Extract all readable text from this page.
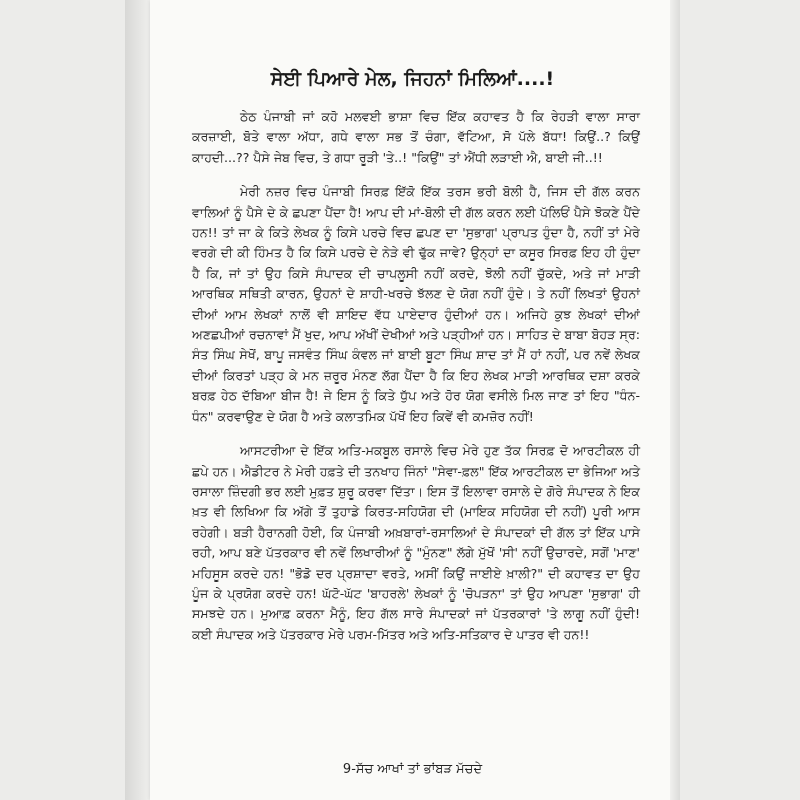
ਸੇਈ ਪਿਆਰੇ ਮੇਲ, ਜਿਹਨਾਂ ਮਿਲਿਆਂ....!

ਠੇਠ ਪੰਜਾਬੀ ਜਾਂ ਕਹੋ ਮਲਵਈ ਭਾਸ਼ਾ ਵਿਚ ਇੱਕ ਕਹਾਵਤ ਹੈ ਕਿ ਰੇਹੜੀ ਵਾਲਾ ਸਾਰਾ ਕਰਜ਼ਾਈ, ਬੋਤੇ ਵਾਲਾ ਅੱਧਾ, ਗਧੇ ਵਾਲਾ ਸਭ ਤੋਂ ਚੰਗਾ, ਵੱਟਿਆ, ਸੋ ਪੱਲੇ ਬੱਧਾ! ਕਿਉਂ..? ਕਿਉਂ ਕਾਹਦੀ...?? ਪੈਸੇ ਜੇਬ ਵਿਚ, ਤੇ ਗਧਾ ਰੂੜੀ 'ਤੇ..! "ਕਿਉਂ" ਤਾਂ ਐਂਧੀ ਲੜਾਈ ਐ, ਬਾਈ ਜੀ..!!

ਮੇਰੀ ਨਜ਼ਰ ਵਿਚ ਪੰਜਾਬੀ ਸਿਰਫ਼ ਇੱਕੋ ਇੱਕ ਤਰਸ ਭਰੀ ਬੋਲੀ ਹੈ, ਜਿਸ ਦੀ ਗੱਲ ਕਰਨ ਵਾਲਿਆਂ ਨੂੰ ਪੈਸੇ ਦੇ ਕੇ ਛਪਣਾ ਪੈਂਦਾ ਹੈ! ਆਪ ਦੀ ਮਾਂ-ਬੋਲੀ ਦੀ ਗੱਲ ਕਰਨ ਲਈ ਪੱਲਿਓਂ ਪੈਸੇ ਝੋਕਣੇ ਪੈਂਦੇ ਹਨ!! ਤਾਂ ਜਾ ਕੇ ਕਿਤੇ ਲੇਖਕ ਨੂੰ ਕਿਸੇ ਪਰਚੇ ਵਿਚ ਛਪਣ ਦਾ 'ਸੁਭਾਗ' ਪ੍ਰਾਪਤ ਹੁੰਦਾ ਹੈ, ਨਹੀਂ ਤਾਂ ਮੇਰੇ ਵਰਗੇ ਦੀ ਕੀ ਹਿੰਮਤ ਹੈ ਕਿ ਕਿਸੇ ਪਰਚੇ ਦੇ ਨੇੜੇ ਵੀ ਢੁੱਕ ਜਾਵੇ? ਉਨ੍ਹਾਂ ਦਾ ਕਸੂਰ ਸਿਰਫ਼ ਇਹ ਹੀ ਹੁੰਦਾ ਹੈ ਕਿ, ਜਾਂ ਤਾਂ ਉਹ ਕਿਸੇ ਸੰਪਾਦਕ ਦੀ ਚਾਪਲੂਸੀ ਨਹੀਂ ਕਰਦੇ, ਝੋਲੀ ਨਹੀਂ ਚੁੱਕਦੇ, ਅਤੇ ਜਾਂ ਮਾੜੀ ਆਰਥਿਕ ਸਥਿਤੀ ਕਾਰਨ, ਉਹਨਾਂ ਦੇ ਸ਼ਾਹੀ-ਖਰਚੇ ਝੱਲਣ ਦੇ ਯੋਗ ਨਹੀਂ ਹੁੰਦੇ। ਤੇ ਨਹੀਂ ਲਿਖਤਾਂ ਉਹਨਾਂ ਦੀਆਂ ਆਮ ਲੇਖਕਾਂ ਨਾਲੋਂ ਵੀ ਸ਼ਾਇਦ ਵੱਧ ਪਾਏਦਾਰ ਹੁੰਦੀਆਂ ਹਨ। ਅਜਿਹੇ ਕੁਝ ਲੇਖਕਾਂ ਦੀਆਂ ਅਣਛਪੀਆਂ ਰਚਨਾਵਾਂ ਮੈਂ ਖੁਦ, ਆਪ ਅੱਖੀਂ ਦੇਖੀਆਂ ਅਤੇ ਪੜ੍ਹੀਆਂ ਹਨ। ਸਾਹਿਤ ਦੇ ਬਾਬਾ ਬੋਹੜ ਸ੍ਰ: ਸੰਤ ਸਿੰਘ ਸੇਖੋਂ, ਬਾਪੂ ਜਸਵੰਤ ਸਿੰਘ ਕੰਵਲ ਜਾਂ ਬਾਈ ਬੂਟਾ ਸਿੰਘ ਸ਼ਾਦ ਤਾਂ ਮੈਂ ਹਾਂ ਨਹੀਂ, ਪਰ ਨਵੇਂ ਲੇਖਕ ਦੀਆਂ ਕਿਰਤਾਂ ਪੜ੍ਹ ਕੇ ਮਨ ਜ਼ਰੂਰ ਮੰਨਣ ਲੱਗ ਪੈਂਦਾ ਹੈ ਕਿ ਇਹ ਲੇਖਕ ਮਾੜੀ ਆਰਥਿਕ ਦਸ਼ਾ ਕਰਕੇ ਬਰਫ਼ ਹੇਠ ਦੱਬਿਆ ਬੀਜ ਹੈ! ਜੇ ਇਸ ਨੂੰ ਕਿਤੇ ਧੁੱਪ ਅਤੇ ਹੋਰ ਯੋਗ ਵਸੀਲੇ ਮਿਲ ਜਾਣ ਤਾਂ ਇਹ "ਧੰਨ-ਧੰਨ" ਕਰਵਾਉਣ ਦੇ ਯੋਗ ਹੈ ਅਤੇ ਕਲਾਤਮਿਕ ਪੱਖੋਂ ਇਹ ਕਿਵੇਂ ਵੀ ਕਮਜ਼ੋਰ ਨਹੀਂ!

ਆਸਟਰੀਆ ਦੇ ਇੱਕ ਅਤਿ-ਮਕਬੂਲ ਰਸਾਲੇ ਵਿਚ ਮੇਰੇ ਹੁਣ ਤੱਕ ਸਿਰਫ਼ ਦੋ ਆਰਟੀਕਲ ਹੀ ਛਪੇ ਹਨ। ਐਡੀਟਰ ਨੇ ਮੇਰੀ ਹਫ਼ਤੇ ਦੀ ਤਨਖਾਹ ਜਿੰਨਾਂ "ਸੇਵਾ-ਫ਼ਲ" ਇੱਕ ਆਰਟੀਕਲ ਦਾ ਭੇਜਿਆ ਅਤੇ ਰਸਾਲਾ ਜ਼ਿੰਦਗੀ ਭਰ ਲਈ ਮੁਫ਼ਤ ਸ਼ੁਰੂ ਕਰਵਾ ਦਿੱਤਾ। ਇਸ ਤੋਂ ਇਲਾਵਾ ਰਸਾਲੇ ਦੇ ਗੋਰੇ ਸੰਪਾਦਕ ਨੇ ਇਕ ਖ਼ਤ ਵੀ ਲਿਖਿਆ ਕਿ ਅੱਗੇ ਤੋਂ ਤੁਹਾਡੇ ਕਿਰਤ-ਸਹਿਯੋਗ ਦੀ (ਮਾਇਕ ਸਹਿਯੋਗ ਦੀ ਨਹੀਂ) ਪੂਰੀ ਆਸ ਰਹੇਗੀ। ਬੜੀ ਹੈਰਾਨਗੀ ਹੋਈ, ਕਿ ਪੰਜਾਬੀ ਅਖ਼ਬਾਰਾਂ-ਰਸਾਲਿਆਂ ਦੇ ਸੰਪਾਦਕਾਂ ਦੀ ਗੱਲ ਤਾਂ ਇੱਕ ਪਾਸੇ ਰਹੀ, ਆਪ ਬਣੇ ਪੱਤਰਕਾਰ ਵੀ ਨਵੇਂ ਲਿਖਾਰੀਆਂ ਨੂੰ "ਮੁੰਨਣ" ਲੱਗੇ ਮੁੱਖੋਂ 'ਸੀ' ਨਹੀਂ ਉਚਾਰਦੇ, ਸਗੋਂ 'ਮਾਣ' ਮਹਿਸੂਸ ਕਰਦੇ ਹਨ! "ਭੋਡੋ ਦਰ ਪ੍ਰਸ਼ਾਦਾ ਵਰਤੇ, ਅਸੀਂ ਕਿਉਂ ਜਾਈਏ ਖ਼ਾਲੀ?" ਦੀ ਕਹਾਵਤ ਦਾ ਉਹ ਪੂੰਜ ਕੇ ਪ੍ਰਯੋਗ ਕਰਦੇ ਹਨ! ਘੱਟੋ-ਘੱਟ 'ਬਾਹਰਲੇ' ਲੇਖਕਾਂ ਨੂੰ 'ਚੋਪੜਨਾ' ਤਾਂ ਉਹ ਆਪਣਾ 'ਸੁਭਾਗ' ਹੀ ਸਮਝਦੇ ਹਨ। ਮੁਆਫ਼ ਕਰਨਾ ਮੈਨੂੰ, ਇਹ ਗੱਲ ਸਾਰੇ ਸੰਪਾਦਕਾਂ ਜਾਂ ਪੱਤਰਕਾਰਾਂ 'ਤੇ ਲਾਗੂ ਨਹੀਂ ਹੁੰਦੀ! ਕਈ ਸੰਪਾਦਕ ਅਤੇ ਪੱਤਰਕਾਰ ਮੇਰੇ ਪਰਮ-ਮਿੱਤਰ ਅਤੇ ਅਤਿ-ਸਤਿਕਾਰ ਦੇ ਪਾਤਰ ਵੀ ਹਨ!!

9-ਸੱਚ ਆਖਾਂ ਤਾਂ ਭਾਂਬੜ ਮੱਚਦੇ
